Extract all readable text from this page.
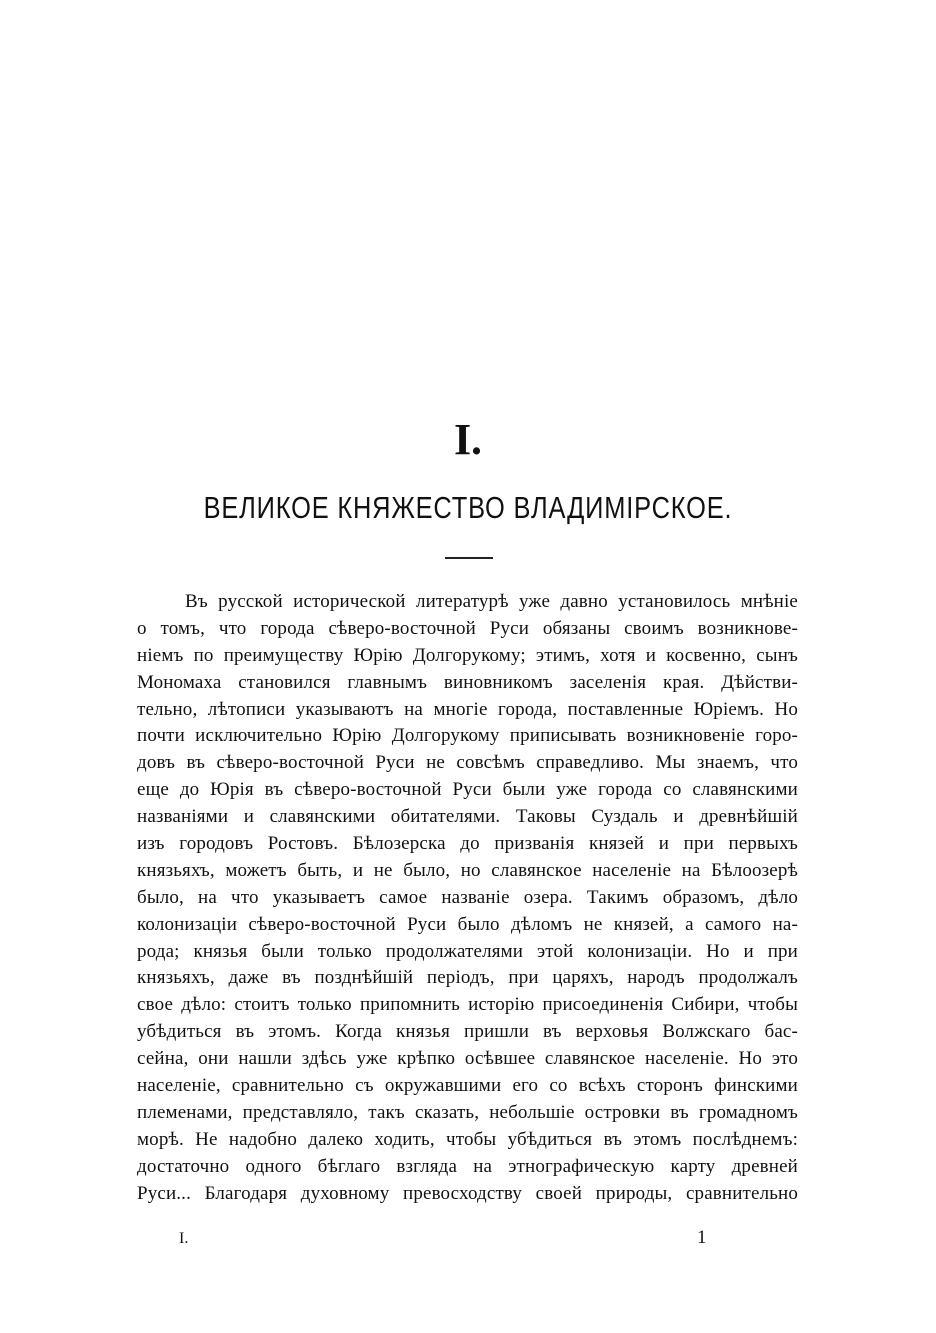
I.
ВЕЛИКОЕ КНЯЖЕСТВО ВЛАДИМІРСКОЕ.
Въ русской исторической литературѣ уже давно установилось мнѣніе
о томъ, что города сѣверо-восточной Руси обязаны своимъ возникнове-
ніемъ по преимуществу Юрію Долгорукому; этимъ, хотя и косвенно, сынъ
Мономаха становился главнымъ виновникомъ заселенія края. Дѣйстви-
тельно, лѣтописи указываютъ на многіе города, поставленные Юріемъ. Но
почти исключительно Юрію Долгорукому приписывать возникновеніе горо-
довъ въ сѣверо-восточной Руси не совсѣмъ справедливо. Мы знаемъ, что
еще до Юрія въ сѣверо-восточной Руси были уже города со славянскими
названіями и славянскими обитателями. Таковы Суздаль и древнѣйшій
изъ городовъ Ростовъ. Бѣлозерска до призванія князей и при первыхъ
князьяхъ, можетъ быть, и не было, но славянское населеніе на Бѣлоозерѣ
было, на что указываетъ самое названіе озера. Такимъ образомъ, дѣло
колонизаціи сѣверо-восточной Руси было дѣломъ не князей, а самого на-
рода; князья были только продолжателями этой колонизаціи. Но и при
князьяхъ, даже въ позднѣйшій періодъ, при царяхъ, народъ продолжалъ
свое дѣло: стоитъ только припомнить исторію присоединенія Сибири, чтобы
убѣдиться въ этомъ. Когда князья пришли въ верховья Волжскаго бас-
сейна, они нашли здѣсь уже крѣпко осѣвшее славянское населеніе. Но это
населеніе, сравнительно съ окружавшими его со всѣхъ сторонъ финскими
племенами, представляло, такъ сказать, небольшіе островки въ громадномъ
морѣ. Не надобно далеко ходить, чтобы убѣдиться въ этомъ послѣднемъ:
достаточно одного бѣглаго взгляда на этнографическую карту древней
Руси... Благодаря духовному превосходству своей природы, сравнительно
I.	1
